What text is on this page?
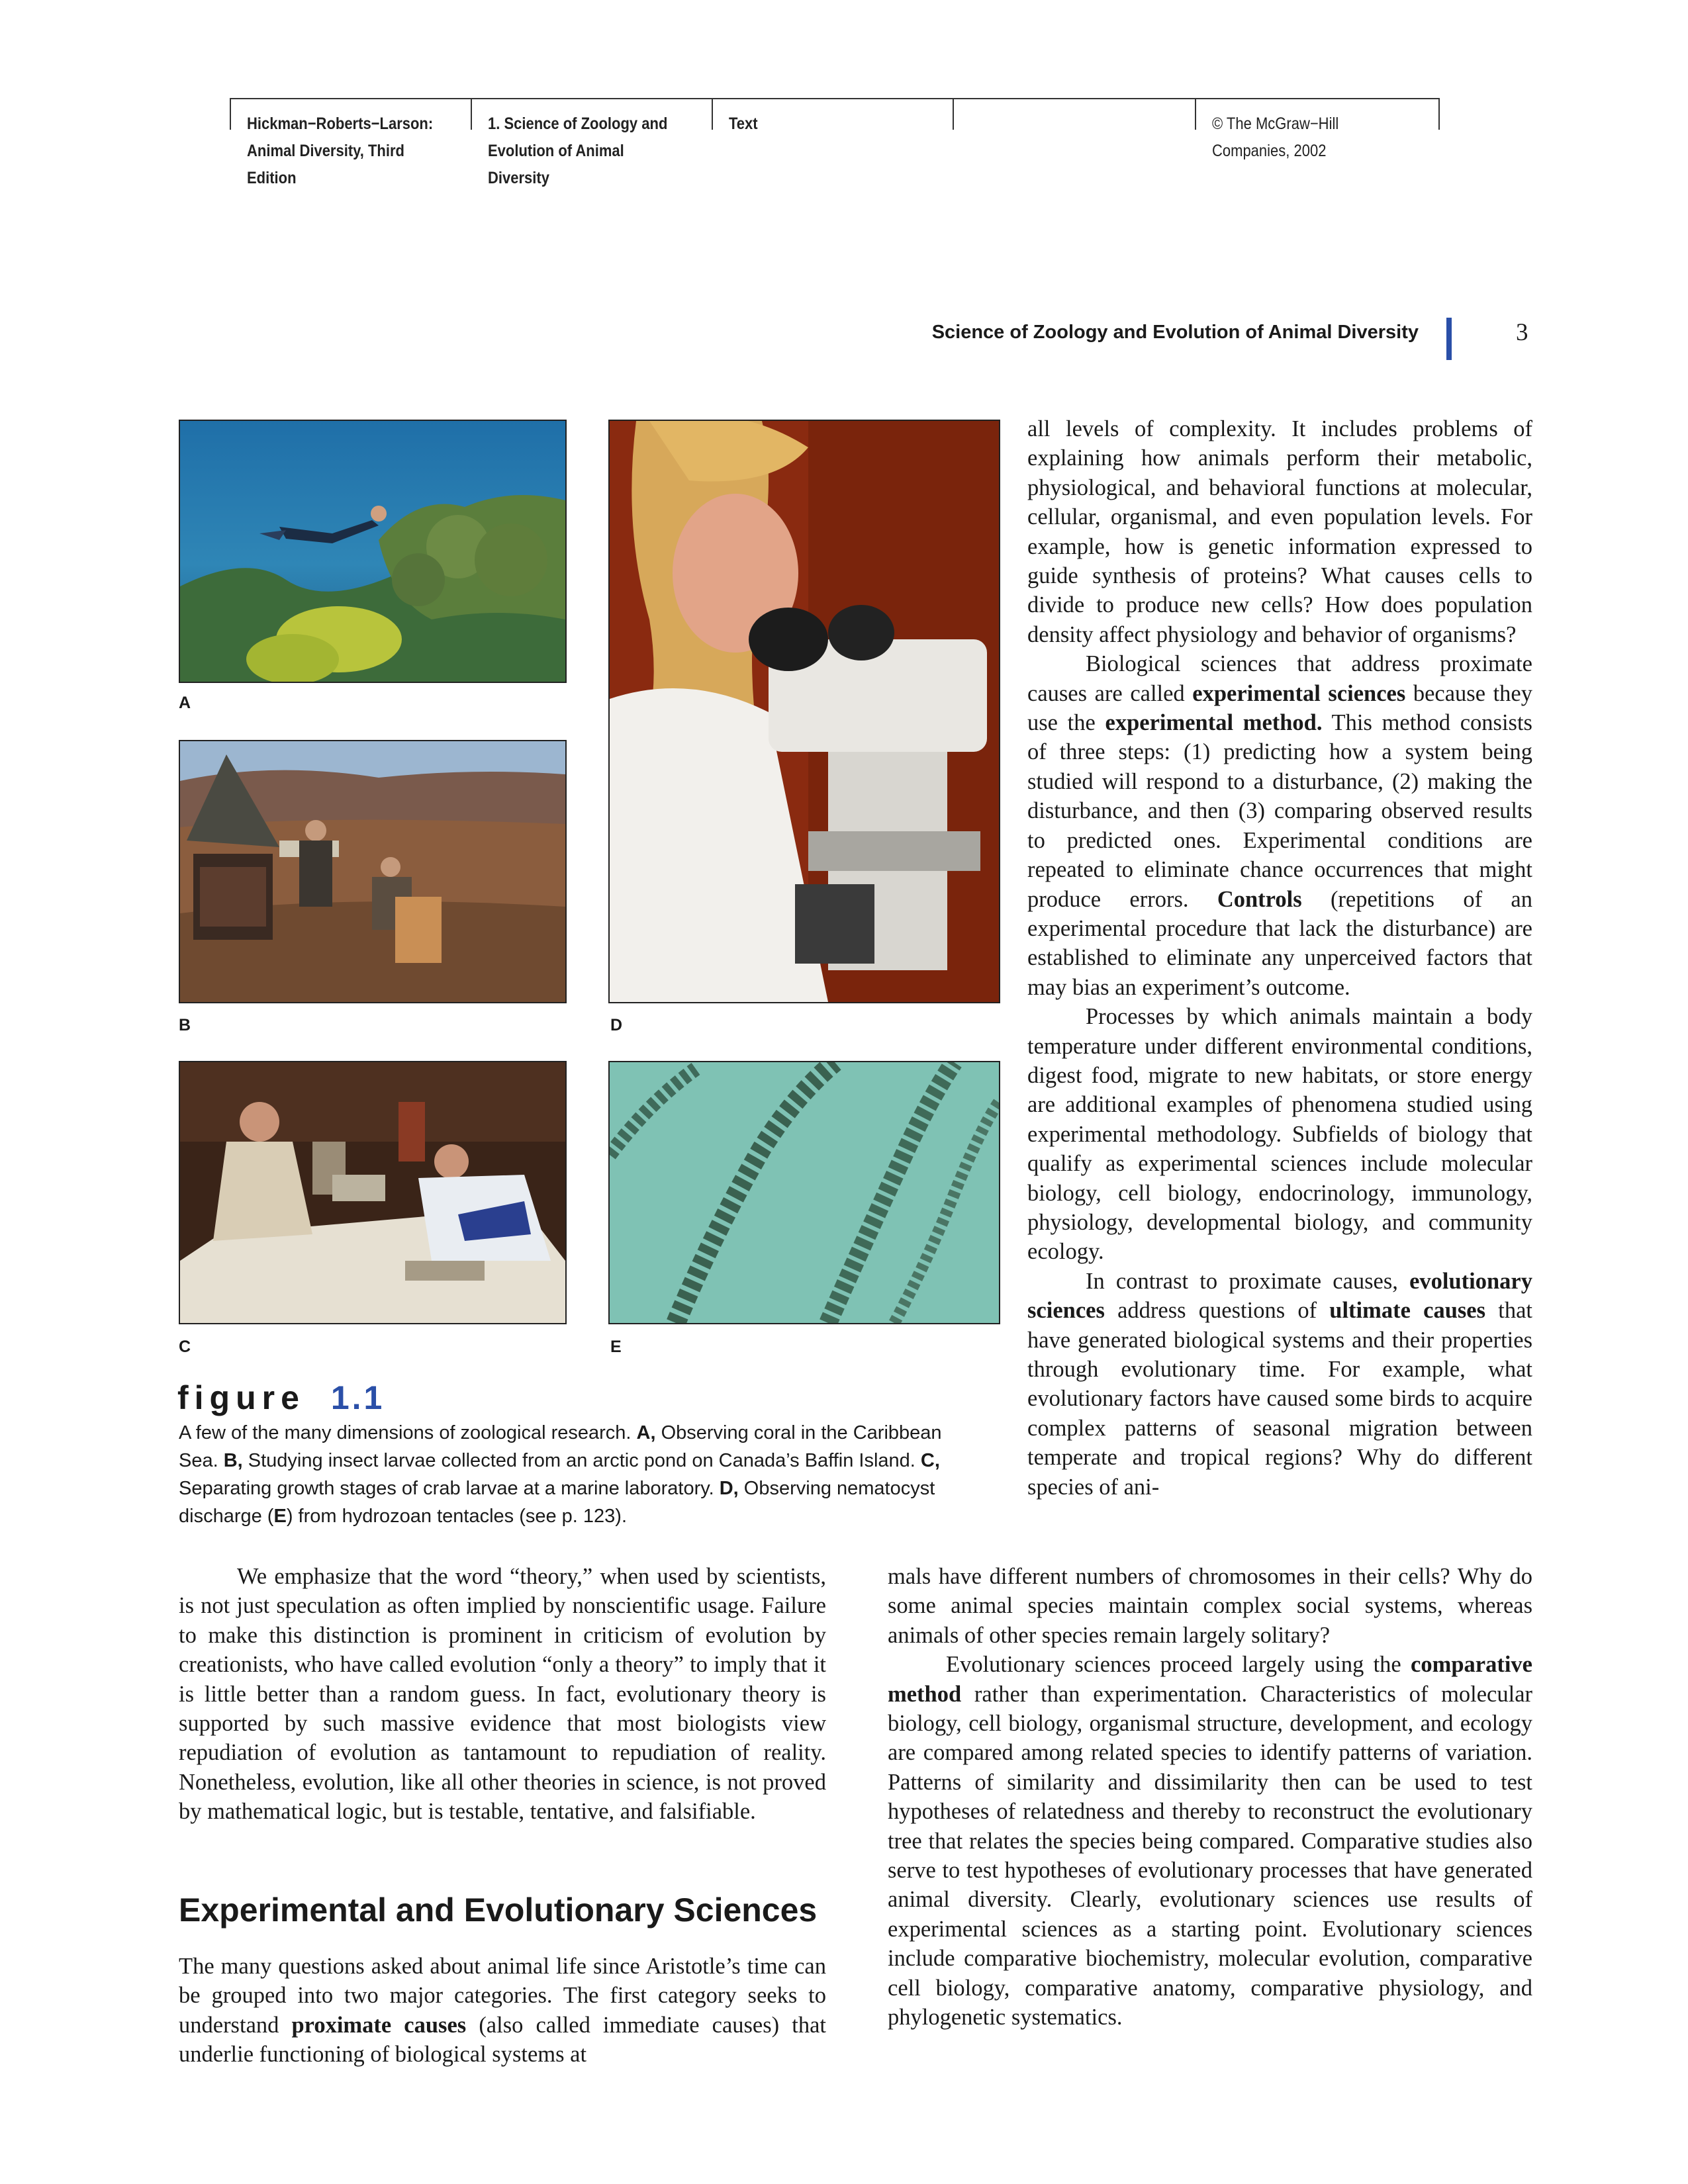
Hickman−Roberts−Larson:
Animal Diversity, Third
Edition
1. Science of Zoology and
Evolution of Animal
Diversity
Text	© The McGraw−Hill
Companies, 2002
Science of Zoology and Evolution of Animal Diversity	3
A
B	D
C	E
figure 1.1

A few of the many dimensions of zoological research. A, Observing coral in the Caribbean Sea. B, Studying insect larvae collected from an arctic pond on Canada’s Baffin Island. C, Separating growth stages of crab larvae at a marine laboratory. D, Observing nematocyst discharge (E) from hydrozoan tentacles (see p. 123).

all levels of complexity. It includes problems of explaining how animals perform their metabolic, physiological, and behavioral functions at molecular, cellular, organismal, and even population levels. For example, how is genetic information expressed to guide synthesis of proteins? What causes cells to divide to produce new cells? How does population density affect physiology and behavior of organisms?

Biological sciences that address proximate causes are called experimental sciences because they use the experimental method. This method consists of three steps: (1) predicting how a system being studied will respond to a disturbance, (2) making the disturbance, and then (3) comparing observed results to predicted ones. Experimental conditions are repeated to eliminate chance occurrences that might produce errors. Controls (repetitions of an experimental procedure that lack the disturbance) are established to eliminate any unperceived factors that may bias an experiment’s outcome.

Processes by which animals maintain a body temperature under different environmental conditions, digest food, migrate to new habitats, or store energy are additional examples of phenomena studied using experimental methodology. Subfields of biology that qualify as experimental sciences include molecular biology, cell biology, endocrinology, immunology, physiology, developmental biology, and community ecology.

In contrast to proximate causes, evolutionary sciences address questions of ultimate causes that have generated biological systems and their properties through evolutionary time. For example, what evolutionary factors have caused some birds to acquire complex patterns of seasonal migration between temperate and tropical regions? Why do different species of ani-

We emphasize that the word “theory,” when used by scientists, is not just speculation as often implied by nonscientific usage. Failure to make this distinction is prominent in criticism of evolution by creationists, who have called evolution “only a theory” to imply that it is little better than a random guess. In fact, evolutionary theory is supported by such massive evidence that most biologists view repudiation of evolution as tantamount to repudiation of reality. Nonetheless, evolution, like all other theories in science, is not proved by mathematical logic, but is testable, tentative, and falsifiable.

Experimental and Evolutionary Sciences

The many questions asked about animal life since Aristotle’s time can be grouped into two major categories. The first category seeks to understand proximate causes (also called immediate causes) that underlie functioning of biological systems at

mals have different numbers of chromosomes in their cells? Why do some animal species maintain complex social systems, whereas animals of other species remain largely solitary?

Evolutionary sciences proceed largely using the comparative method rather than experimentation. Characteristics of molecular biology, cell biology, organismal structure, development, and ecology are compared among related species to identify patterns of variation. Patterns of similarity and dissimilarity then can be used to test hypotheses of relatedness and thereby to reconstruct the evolutionary tree that relates the species being compared. Comparative studies also serve to test hypotheses of evolutionary processes that have generated animal diversity. Clearly, evolutionary sciences use results of experimental sciences as a starting point. Evolutionary sciences include comparative biochemistry, molecular evolution, comparative cell biology, comparative anatomy, comparative physiology, and phylogenetic systematics.
